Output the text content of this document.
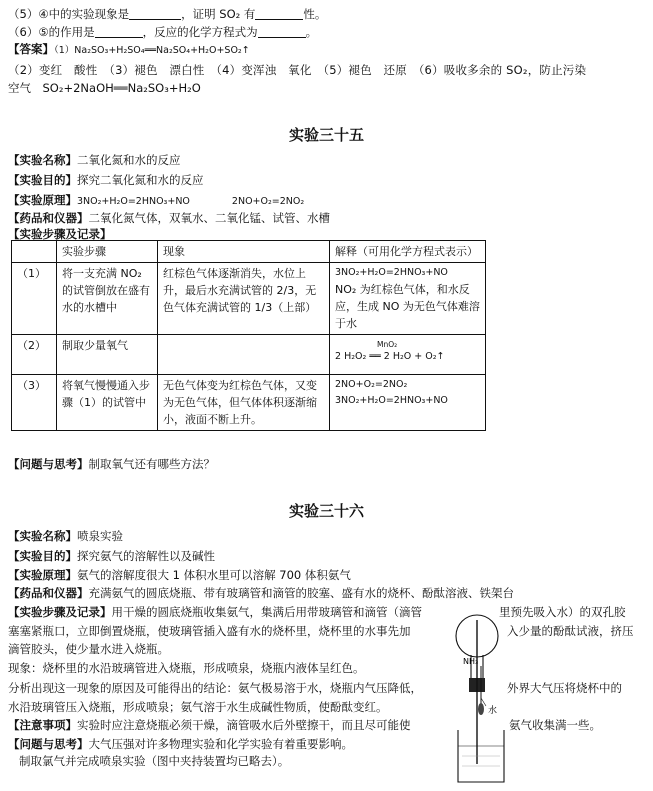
（5）④中的实验现象是	，证明 SO₂ 有	性。
（6）⑤的作用是	，反应的化学方程式为	。
【答案】（1）Na₂SO₃+H₂SO₄══Na₂SO₄+H₂O+SO₂↑
（2）变红　酸性　（3）褪色　漂白性　（4）变浑浊　氧化　（5）褪色　还原　（6）吸收多余的 SO₂，防止污染
空气　SO₂+2NaOH══Na₂SO₃+H₂O
实验三十五
【实验名称】二氧化氮和水的反应
【实验目的】探究二氧化氮和水的反应
【实验原理】3NO₂+H₂O=2HNO₃+NO	2NO+O₂=2NO₂
【药品和仪器】二氧化氮气体，双氧水、二氧化锰、试管、水槽
【实验步骤及记录】
	实验步骤	现象	解释（可用化学方程式表示）
（1）	将一支充满 NO₂ 的试管倒放在盛有水的水槽中	红棕色气体逐渐消失，水位上升，最后水充满试管的 2/3，无色气体充满试管的 1/3（上部）	3NO₂+H₂O=2HNO₃+NO
NO₂ 为红棕色气体，和水反应，生成 NO 为无色气体难溶于水

（2）	制取少量氧气		MnO₂
2 H₂O₂ ══ 2 H₂O + O₂↑

（3）	将氧气慢慢通入步骤（1）的试管中	无色气体变为红棕色气体，又变为无色气体，但气体体积逐渐缩小，液面不断上升。	2NO+O₂=2NO₂
3NO₂+H₂O=2HNO₃+NO
【问题与思考】制取氧气还有哪些方法？
实验三十六
【实验名称】喷泉实验
【实验目的】探究氨气的溶解性以及碱性
【实验原理】氨气的溶解度很大 1 体积水里可以溶解 700 体积氨气
【药品和仪器】充满氨气的圆底烧瓶、带有玻璃管和滴管的胶塞、盛有水的烧杯、酚酞溶液、铁架台
【实验步骤及记录】用干燥的圆底烧瓶收集氨气，集满后用带玻璃管和滴管（滴管	里预先吸入水）的双孔胶
塞塞紧瓶口，立即倒置烧瓶，使玻璃管插入盛有水的烧杯里，烧杯里的水事先加	入少量的酚酞试液，挤压
滴管胶头，使少量水进入烧瓶。
现象：烧杯里的水沿玻璃管进入烧瓶，形成喷泉，烧瓶内液体呈红色。
分析出现这一现象的原因及可能得出的结论：氨气极易溶于水，烧瓶内气压降低，	外界大气压将烧杯中的
水沿玻璃管压入烧瓶，形成喷泉；氨气溶于水生成碱性物质，使酚酞变红。
【注意事项】实验时应注意烧瓶必须干燥，滴管吸水后外壁擦干，而且尽可能使	氨气收集满一些。
【问题与思考】大气压强对许多物理实验和化学实验有着重要影响。
制取氯气并完成喷泉实验（图中夹持装置均已略去）。
NH₃
水
